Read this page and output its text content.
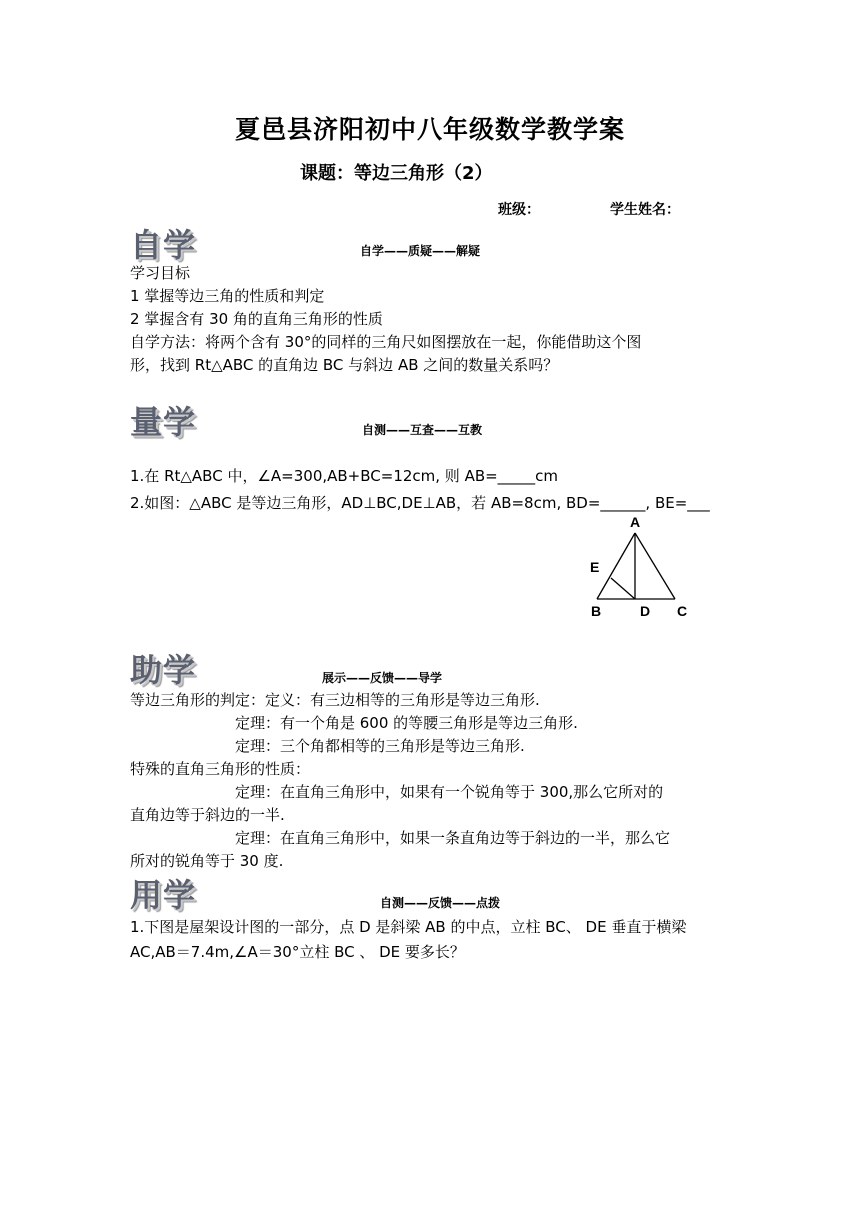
夏邑县济阳初中八年级数学教学案
课题：等边三角形（2）
班级：	学生姓名：
自学	自学——质疑——解疑
学习目标
1 掌握等边三角的性质和判定
2 掌握含有 30 角的直角三角形的性质
自学方法：将两个含有 30°的同样的三角尺如图摆放在一起，你能借助这个图
形，找到 Rt△ABC 的直角边 BC 与斜边 AB 之间的数量关系吗？
量学	自测——互查——互教
1.在 Rt△ABC 中，∠A=300,AB+BC=12cm, 则 AB=_____cm
2.如图：△ABC 是等边三角形，AD⊥BC,DE⊥AB，若 AB=8cm, BD=______, BE=___
A
E
B	D C
助学	展示——反馈——导学
等边三角形的判定：定义：有三边相等的三角形是等边三角形.
定理：有一个角是 600 的等腰三角形是等边三角形.
定理：三个角都相等的三角形是等边三角形.
特殊的直角三角形的性质：
定理：在直角三角形中，如果有一个锐角等于 300,那么它所对的
直角边等于斜边的一半.
定理：在直角三角形中，如果一条直角边等于斜边的一半，那么它
所对的锐角等于 30 度.
用学	自测——反馈——点拨
1.下图是屋架设计图的一部分，点 D 是斜梁 AB 的中点，立柱 BC、 DE 垂直于横梁
AC,AB＝7.4m,∠A＝30°立柱 BC 、 DE 要多长？
